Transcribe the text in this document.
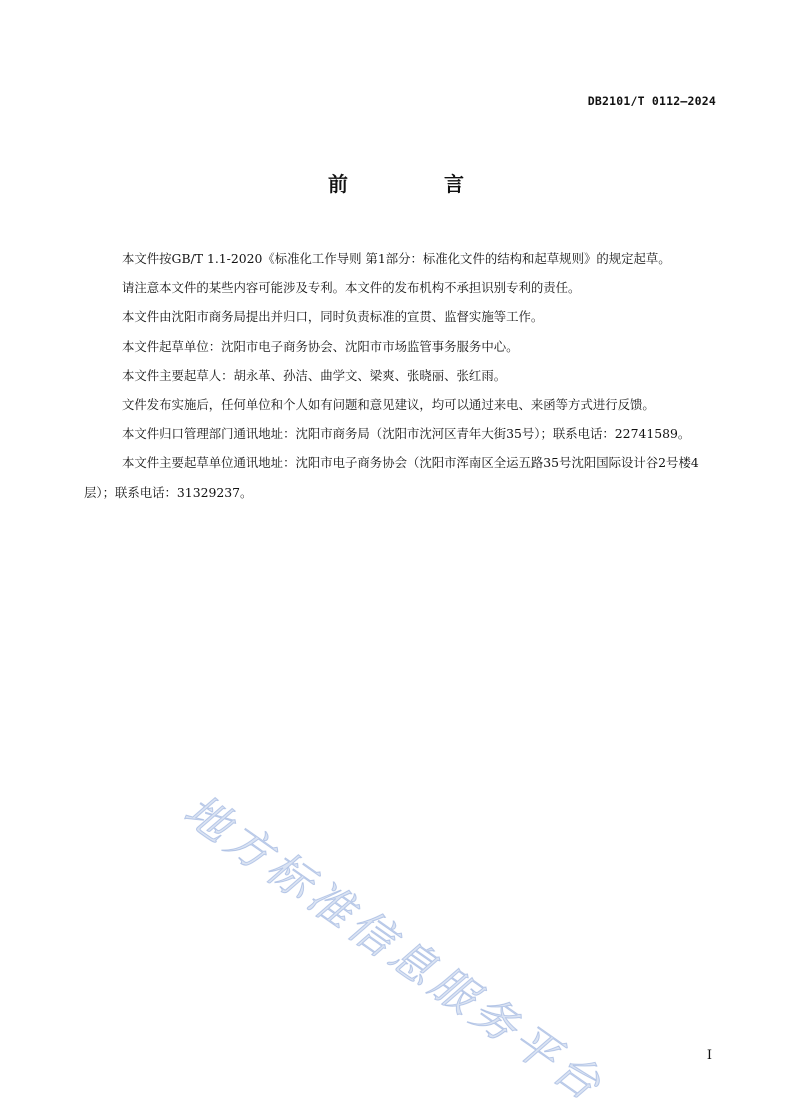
DB2101/T 0112—2024
前　言

本文件按GB/T 1.1-2020《标准化工作导则 第1部分：标准化文件的结构和起草规则》的规定起草。

请注意本文件的某些内容可能涉及专利。本文件的发布机构不承担识别专利的责任。

本文件由沈阳市商务局提出并归口，同时负责标准的宣贯、监督实施等工作。

本文件起草单位：沈阳市电子商务协会、沈阳市市场监管事务服务中心。

本文件主要起草人：胡永革、孙洁、曲学文、梁爽、张晓丽、张红雨。

文件发布实施后，任何单位和个人如有问题和意见建议，均可以通过来电、来函等方式进行反馈。

本文件归口管理部门通讯地址：沈阳市商务局（沈阳市沈河区青年大街35号）；联系电话：22741589。

本文件主要起草单位通讯地址：沈阳市电子商务协会（沈阳市浑南区全运五路35号沈阳国际设计谷2号楼4层）；联系电话：31329237。

地方标准信息服务平台	I
